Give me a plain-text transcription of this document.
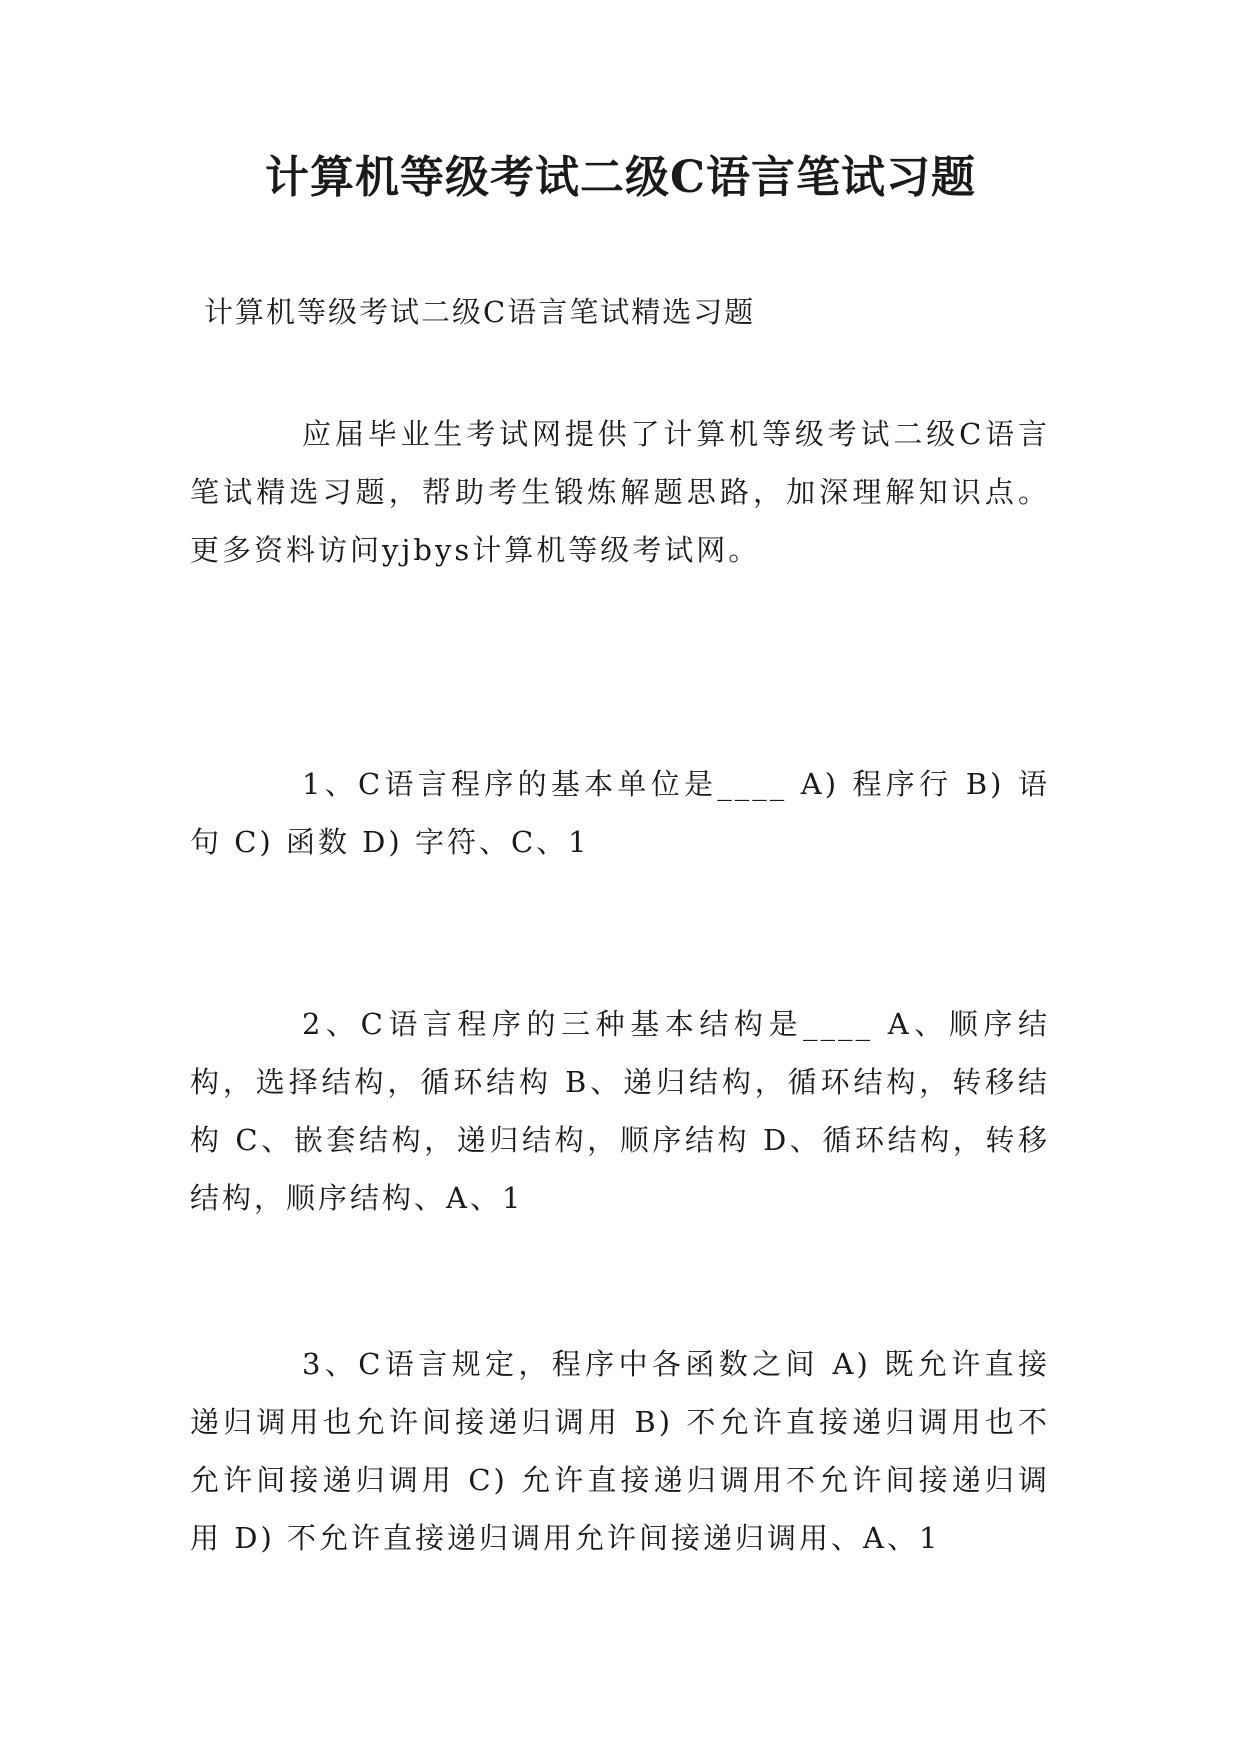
计算机等级考试二级C语言笔试习题

计算机等级考试二级C语言笔试精选习题

应届毕业生考试网提供了计算机等级考试二级C语言笔试精选习题，帮助考生锻炼解题思路，加深理解知识点。更多资料访问yjbys计算机等级考试网。

1、C语言程序的基本单位是____ A) 程序行 B) 语句 C) 函数 D) 字符、C、1

2、C语言程序的三种基本结构是____ A、顺序结构，选择结构，循环结构 B、递归结构，循环结构，转移结构 C、嵌套结构，递归结构，顺序结构 D、循环结构，转移结构，顺序结构、A、1

3、C语言规定，程序中各函数之间 A) 既允许直接递归调用也允许间接递归调用 B) 不允许直接递归调用也不允许间接递归调用 C) 允许直接递归调用不允许间接递归调用 D) 不允许直接递归调用允许间接递归调用、A、1
